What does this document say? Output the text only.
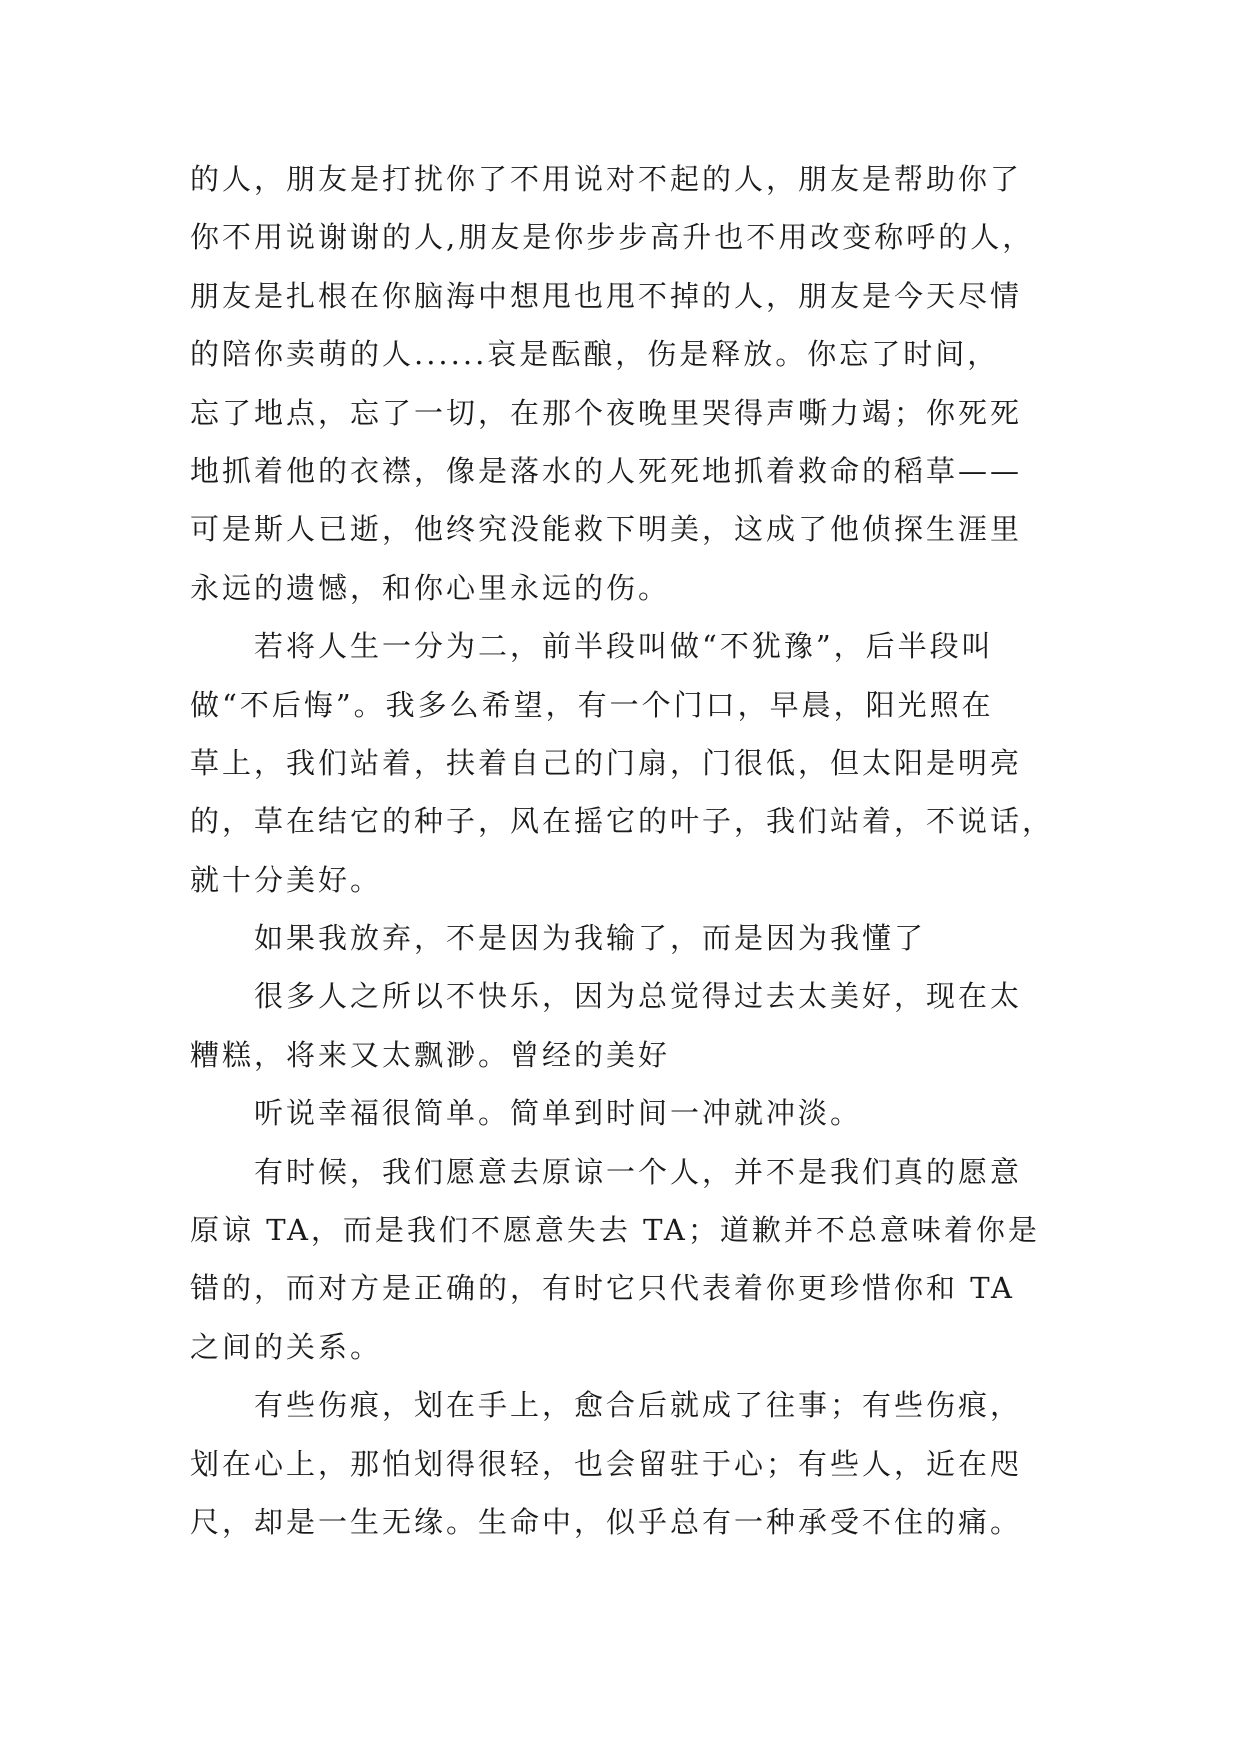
的人，朋友是打扰你了不用说对不起的人，朋友是帮助你了
你不用说谢谢的人,朋友是你步步高升也不用改变称呼的人，
朋友是扎根在你脑海中想甩也甩不掉的人，朋友是今天尽情
的陪你卖萌的人......哀是酝酿，伤是释放。你忘了时间，
忘了地点，忘了一切，在那个夜晚里哭得声嘶力竭；你死死
地抓着他的衣襟，像是落水的人死死地抓着救命的稻草——
可是斯人已逝，他终究没能救下明美，这成了他侦探生涯里
永远的遗憾，和你心里永远的伤。
　　若将人生一分为二，前半段叫做“不犹豫”，后半段叫
做“不后悔”。我多么希望，有一个门口，早晨，阳光照在
草上，我们站着，扶着自己的门扇，门很低，但太阳是明亮
的，草在结它的种子，风在摇它的叶子，我们站着，不说话，
就十分美好。
　　如果我放弃，不是因为我输了，而是因为我懂了
　　很多人之所以不快乐，因为总觉得过去太美好，现在太
糟糕，将来又太飘渺。曾经的美好
　　听说幸福很简单。简单到时间一冲就冲淡。
　　有时候，我们愿意去原谅一个人，并不是我们真的愿意
原谅 TA，而是我们不愿意失去 TA；道歉并不总意味着你是
错的，而对方是正确的，有时它只代表着你更珍惜你和 TA
之间的关系。
　　有些伤痕，划在手上，愈合后就成了往事；有些伤痕，
划在心上，那怕划得很轻，也会留驻于心；有些人，近在咫
尺，却是一生无缘。生命中，似乎总有一种承受不住的痛。
